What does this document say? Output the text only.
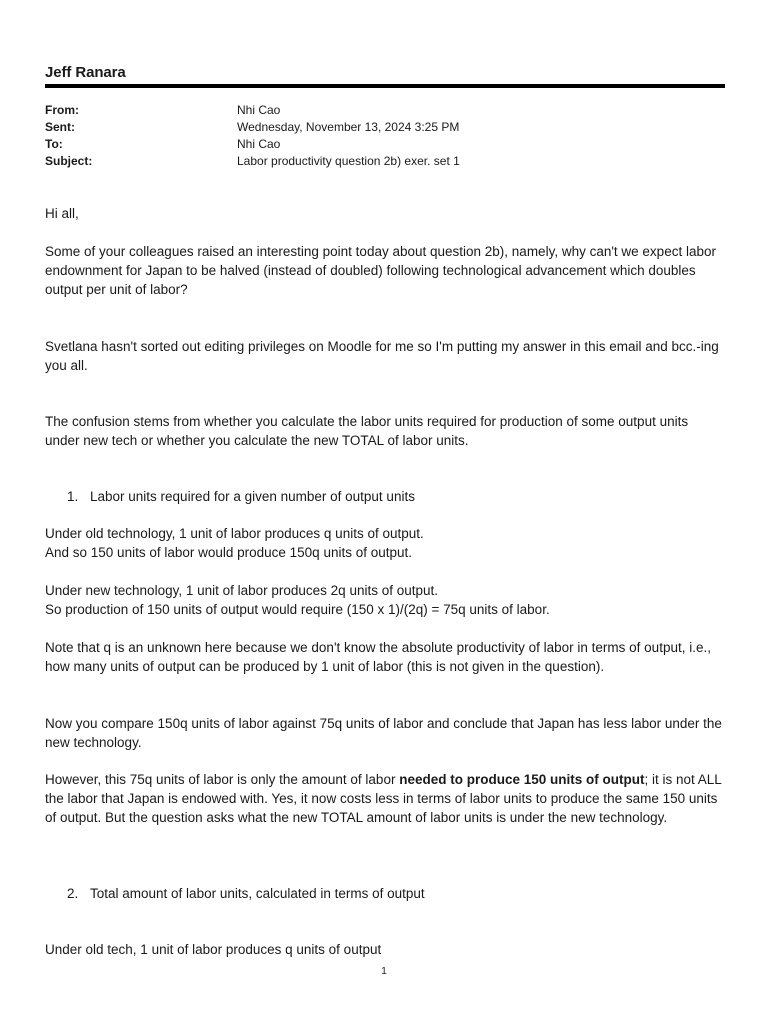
Jeff Ranara
From:	Nhi Cao
Sent:	Wednesday, November 13, 2024 3:25 PM
To:	Nhi Cao
Subject:	Labor productivity question 2b) exer. set 1

Hi all,

Some of your colleagues raised an interesting point today about question 2b), namely, why can't we expect labor endownment for Japan to be halved (instead of doubled) following technological advancement which doubles output per unit of labor?

Svetlana hasn't sorted out editing privileges on Moodle for me so I'm putting my answer in this email and bcc.-ing you all.

The confusion stems from whether you calculate the labor units required for production of some output units under new tech or whether you calculate the new TOTAL of labor units.

1. Labor units required for a given number of output units

Under old technology, 1 unit of labor produces q units of output.

And so 150 units of labor would produce 150q units of output.

Under new technology, 1 unit of labor produces 2q units of output.

So production of 150 units of output would require (150 x 1)/(2q) = 75q units of labor.

Note that q is an unknown here because we don't know the absolute productivity of labor in terms of output, i.e., how many units of output can be produced by 1 unit of labor (this is not given in the question).

Now you compare 150q units of labor against 75q units of labor and conclude that Japan has less labor under the new technology.

However, this 75q units of labor is only the amount of labor needed to produce 150 units of output; it is not ALL the labor that Japan is endowed with. Yes, it now costs less in terms of labor units to produce the same 150 units of output. But the question asks what the new TOTAL amount of labor units is under the new technology.

2. Total amount of labor units, calculated in terms of output

Under old tech, 1 unit of labor produces q units of output

1
